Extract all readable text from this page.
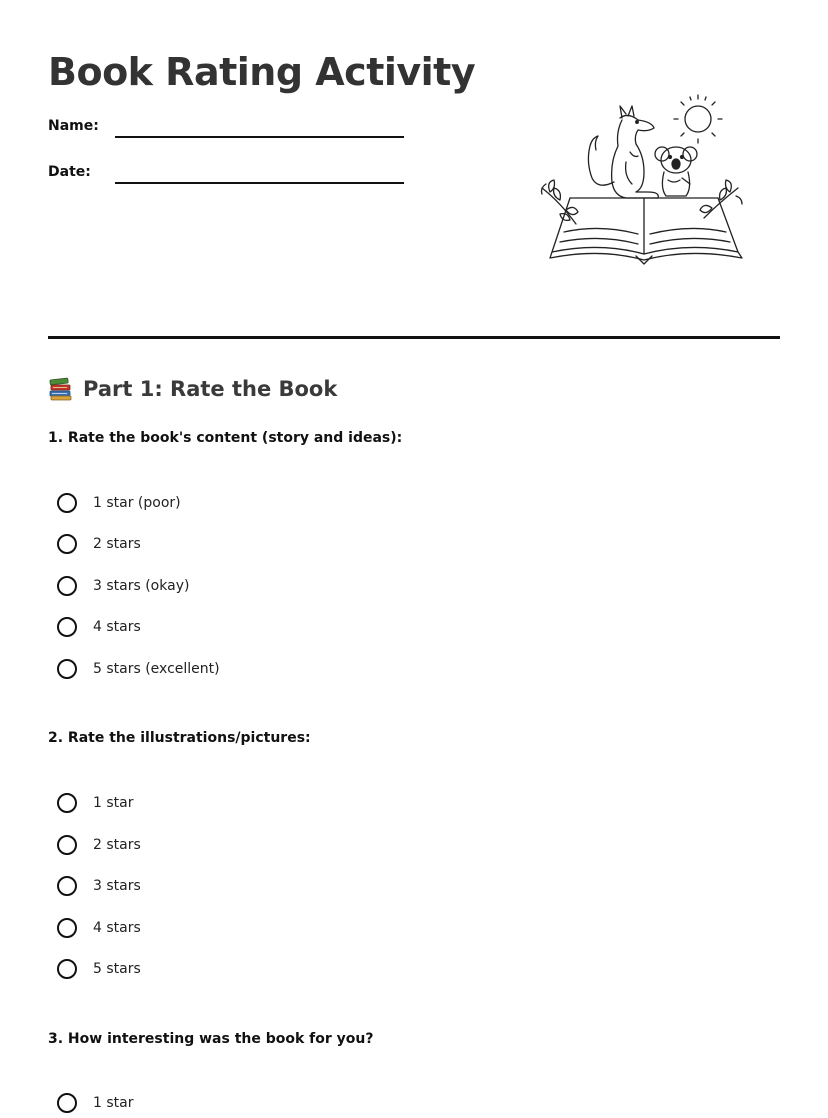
Book Rating Activity
Name:
Date:
Part 1: Rate the Book

1. Rate the book's content (story and ideas):

1 star (poor)
2 stars
3 stars (okay)
4 stars
5 stars (excellent)

2. Rate the illustrations/pictures:

1 star
2 stars
3 stars
4 stars
5 stars

3. How interesting was the book for you?

1 star
